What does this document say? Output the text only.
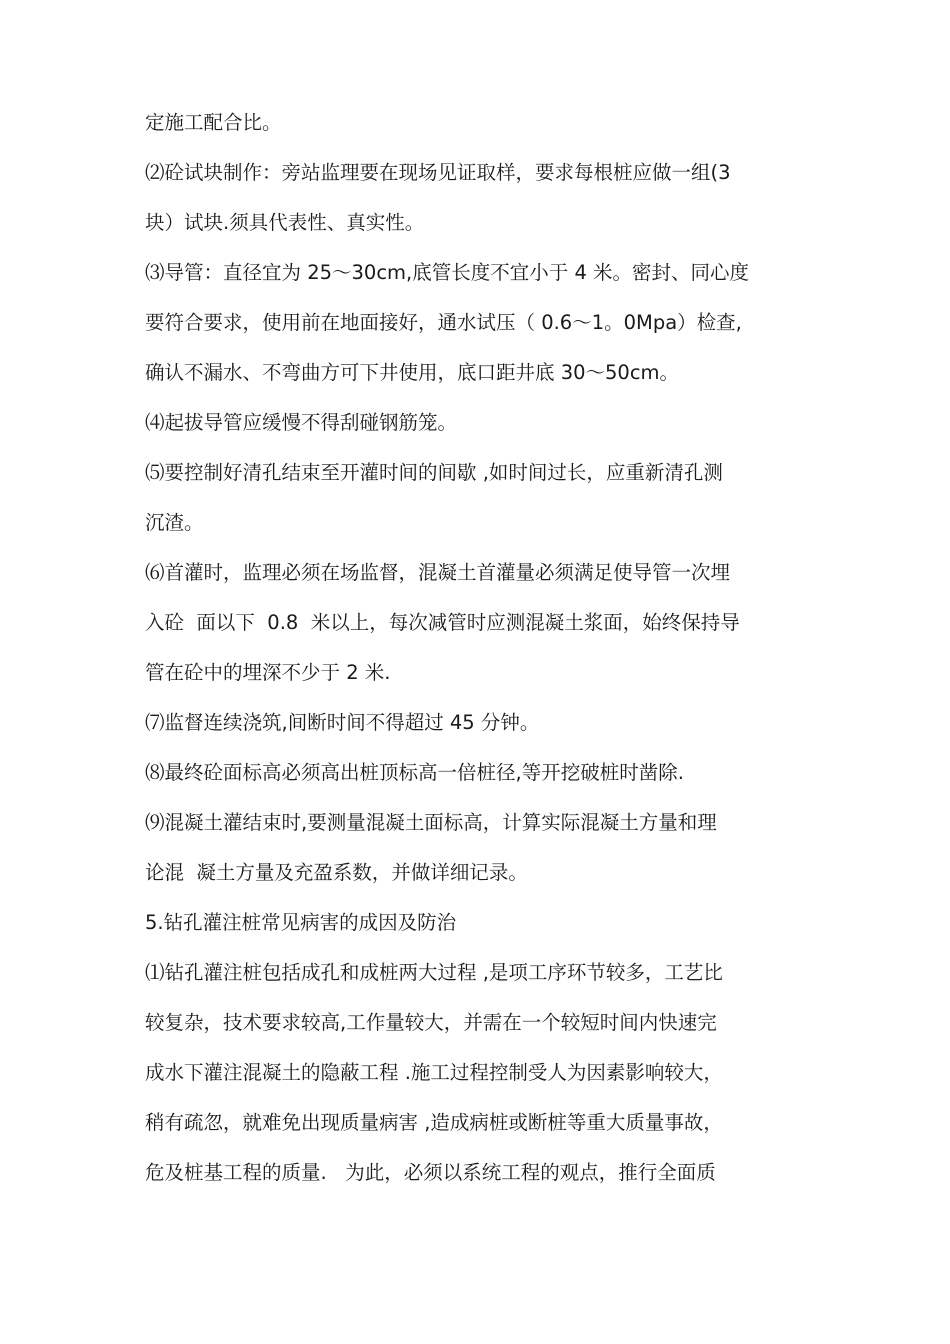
定施工配合比。
⑵砼试块制作：旁站监理要在现场见证取样，要求每根桩应做一组(3
块）试块.须具代表性、真实性。
⑶导管：直径宜为 25～30cm,底管长度不宜小于 4 米。密封、同心度
要符合要求，使用前在地面接好，通水试压（ 0.6～1。0Mpa）检查,
确认不漏水、不弯曲方可下井使用，底口距井底 30～50cm。
⑷起拔导管应缓慢不得刮碰钢筋笼。
⑸要控制好清孔结束至开灌时间的间歇 ,如时间过长，应重新清孔测
沉渣。
⑹首灌时，监理必须在场监督，混凝土首灌量必须满足使导管一次埋
入砼  面以下  0.8  米以上，每次减管时应测混凝土浆面，始终保持导
管在砼中的埋深不少于 2 米.
⑺监督连续浇筑,间断时间不得超过 45 分钟。
⑻最终砼面标高必须高出桩顶标高一倍桩径,等开挖破桩时凿除.
⑼混凝土灌结束时,要测量混凝土面标高，计算实际混凝土方量和理
论混  凝土方量及充盈系数，并做详细记录。
5.钻孔灌注桩常见病害的成因及防治
⑴钻孔灌注桩包括成孔和成桩两大过程 ,是项工序环节较多，工艺比
较复杂，技术要求较高,工作量较大，并需在一个较短时间内快速完
成水下灌注混凝土的隐蔽工程 .施工过程控制受人为因素影响较大，
稍有疏忽，就难免出现质量病害 ,造成病桩或断桩等重大质量事故，
危及桩基工程的质量.   为此，必须以系统工程的观点，推行全面质
